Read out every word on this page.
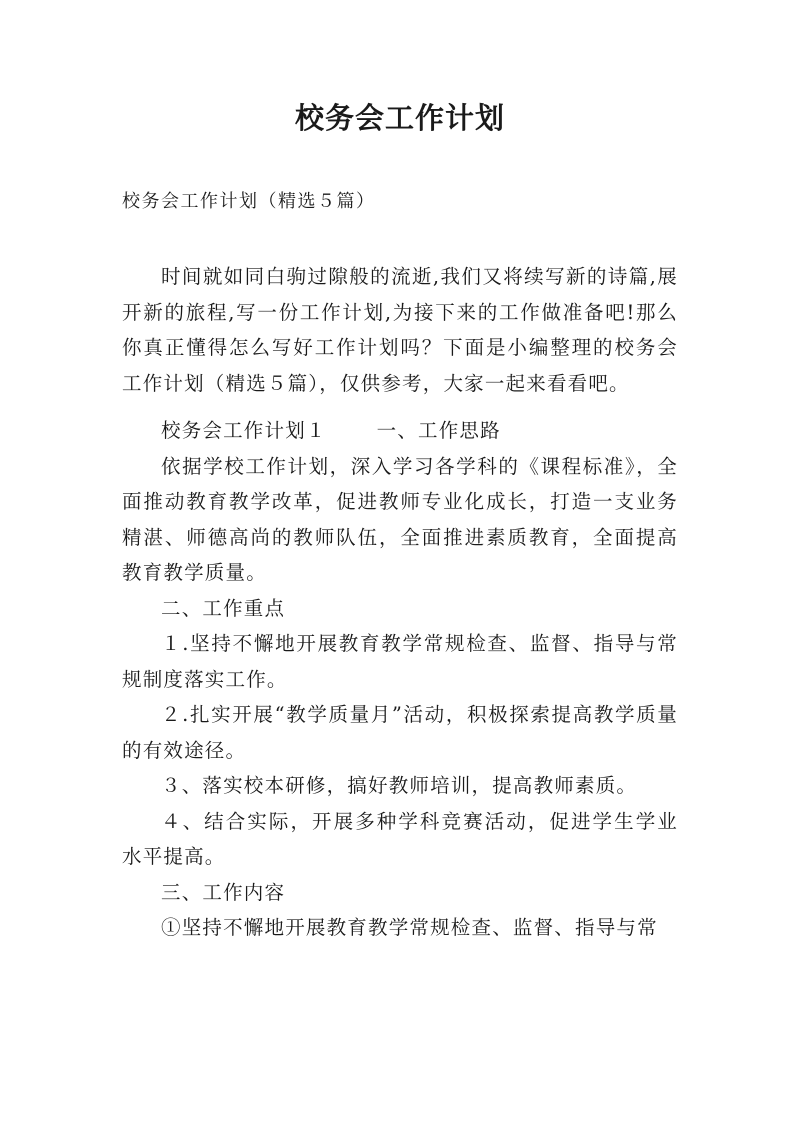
校务会工作计划
校务会工作计划（精选５篇）

时间就如同白驹过隙般的流逝,我们又将续写新的诗篇,展开新的旅程,写一份工作计划,为接下来的工作做准备吧!那么你真正懂得怎么写好工作计划吗？下面是小编整理的校务会工作计划（精选５篇），仅供参考，大家一起来看看吧。

校务会工作计划１	一、工作思路

依据学校工作计划，深入学习各学科的《课程标准》，全面推动教育教学改革，促进教师专业化成长，打造一支业务精湛、师德高尚的教师队伍，全面推进素质教育，全面提高教育教学质量。

二、工作重点

１.坚持不懈地开展教育教学常规检查、监督、指导与常规制度落实工作。

２.扎实开展“教学质量月”活动，积极探索提高教学质量的有效途径。

３、落实校本研修，搞好教师培训，提高教师素质。

４、结合实际，开展多种学科竞赛活动，促进学生学业水平提高。

三、工作内容

①坚持不懈地开展教育教学常规检查、监督、指导与常
